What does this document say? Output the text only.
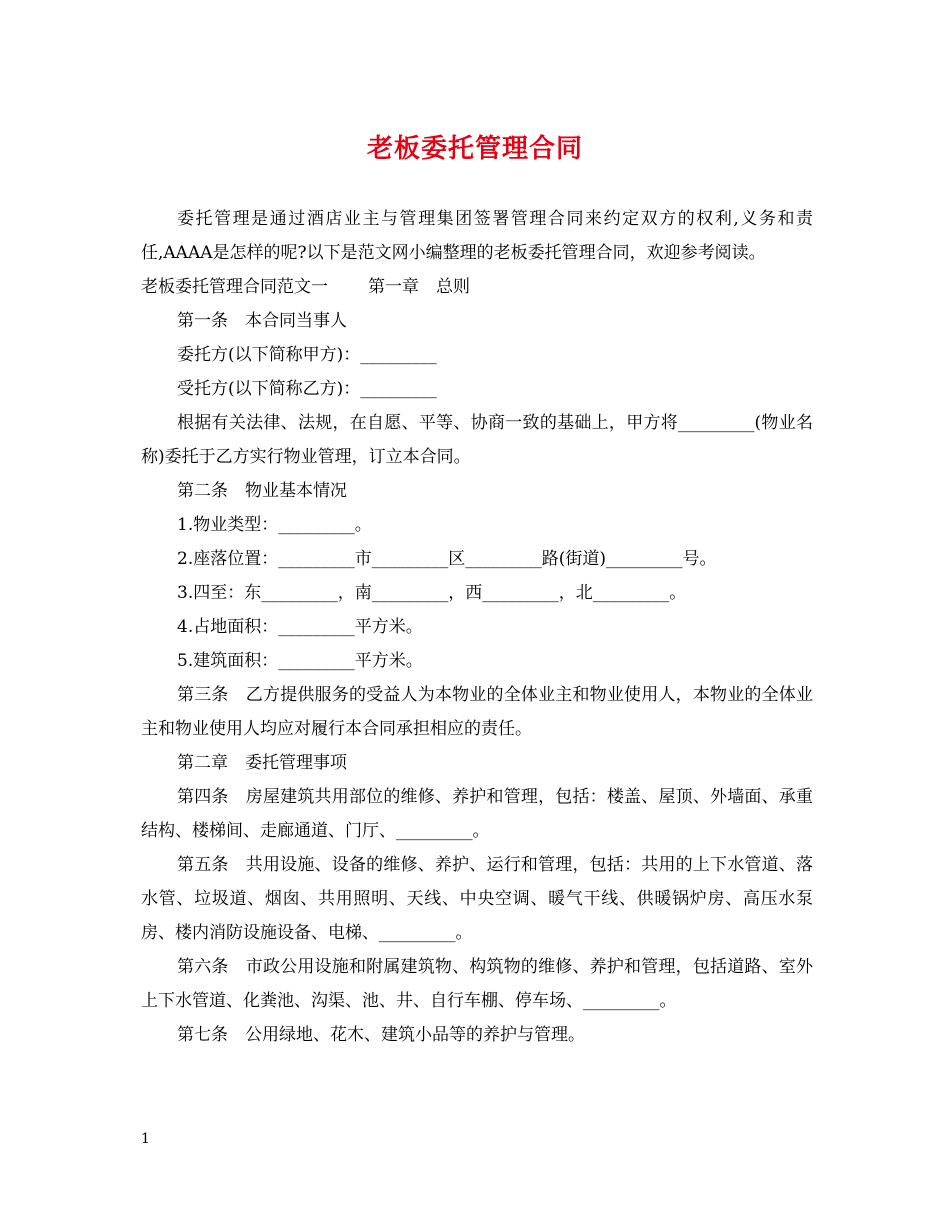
老板委托管理合同

委托管理是通过酒店业主与管理集团签署管理合同来约定双方的权利,义务和责任,AAAA是怎样的呢?以下是范文网小编整理的老板委托管理合同，欢迎参考阅读。

老板委托管理合同范文一 第一章　总则

第一条　本合同当事人

委托方(以下简称甲方)：_________

受托方(以下简称乙方)：_________

根据有关法律、法规，在自愿、平等、协商一致的基础上，甲方将_________(物业名称)委托于乙方实行物业管理，订立本合同。

第二条　物业基本情况

1.物业类型：_________。

2.座落位置：_________市_________区_________路(街道)_________号。

3.四至：东_________，南_________，西_________，北_________。

4.占地面积：_________平方米。

5.建筑面积：_________平方米。

第三条　乙方提供服务的受益人为本物业的全体业主和物业使用人，本物业的全体业主和物业使用人均应对履行本合同承担相应的责任。

第二章　委托管理事项

第四条　房屋建筑共用部位的维修、养护和管理，包括：楼盖、屋顶、外墙面、承重结构、楼梯间、走廊通道、门厅、_________。

第五条　共用设施、设备的维修、养护、运行和管理，包括：共用的上下水管道、落水管、垃圾道、烟囱、共用照明、天线、中央空调、暖气干线、供暖锅炉房、高压水泵房、楼内消防设施设备、电梯、_________。

第六条　市政公用设施和附属建筑物、构筑物的维修、养护和管理，包括道路、室外上下水管道、化粪池、沟渠、池、井、自行车棚、停车场、_________。

第七条　公用绿地、花木、建筑小品等的养护与管理。

1
